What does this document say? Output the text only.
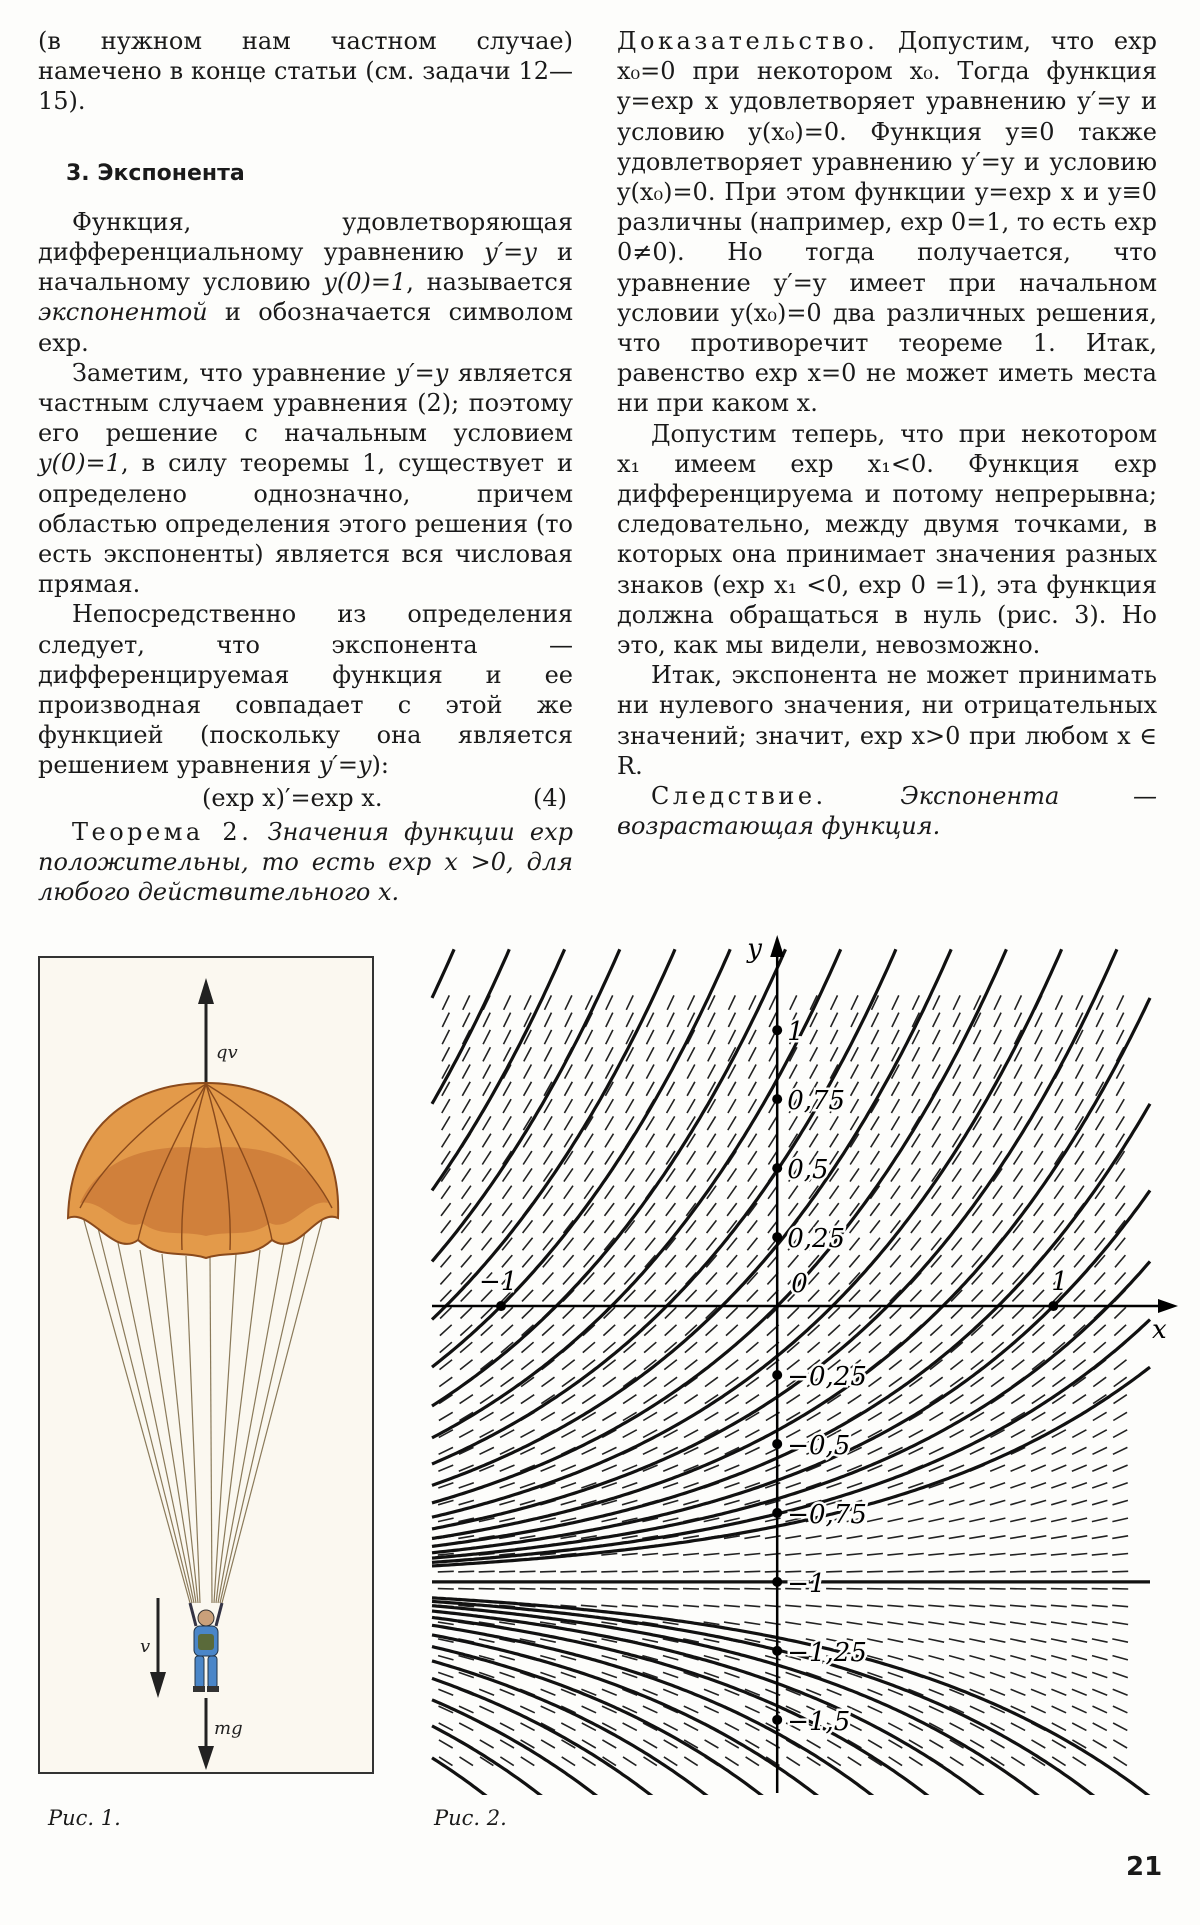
(в нужном нам частном случае) намечено в конце статьи (см. задачи 12—15).

3. Экспонента

Функция, удовлетворяющая дифференциальному уравнению y′=y и начальному условию y(0)=1, называется экспонентой и обозначается символом exp.

Заметим, что уравнение y′=y является частным случаем уравнения (2); поэтому его решение с начальным условием y(0)=1, в силу теоремы 1, существует и определено однозначно, причем областью определения этого решения (то есть экспоненты) является вся числовая прямая.

Непосредственно из определения следует, что экспонента — дифференцируемая функция и ее производная совпадает с этой же функцией (поскольку она является решением уравнения y′=y):

(exp x)′=exp x.	(4)

Теорема 2. Значения функции exp положительны, то есть exp x >0, для любого действительного x.

Доказательство. Допустим, что exp x₀=0 при некотором x₀. Тогда функция y=exp x удовлетворяет уравнению y′=y и условию y(x₀)=0. Функция y≡0 также удовлетворяет уравнению y′=y и условию y(x₀)=0. При этом функции y=exp x и y≡0 различны (например, exp 0=1, то есть exp 0≠0). Но тогда получается, что уравнение y′=y имеет при начальном условии y(x₀)=0 два различных решения, что противоречит теореме 1. Итак, равенство exp x=0 не может иметь места ни при каком x.

Допустим теперь, что при некотором x₁ имеем exp x₁<0. Функция exp дифференцируема и потому непрерывна; следовательно, между двумя точками, в которых она принимает значения разных знаков (exp x₁ <0, exp 0 =1), эта функция должна обращаться в нуль (рис. 3). Но это, как мы видели, невозможно.

Итак, экспонента не может принимать ни нулевого значения, ни отрицательных значений; значит, exp x>0 при любом x ∈ R.

Следствие. Экспонента — возрастающая функция.

qv
v
mg
x
y
0
−1	1
1
0,75
0,5
0,25
−0,25
−0,5
−0,75
−1
−1,25
−1,5
Рис. 1.	Рис. 2.
21
